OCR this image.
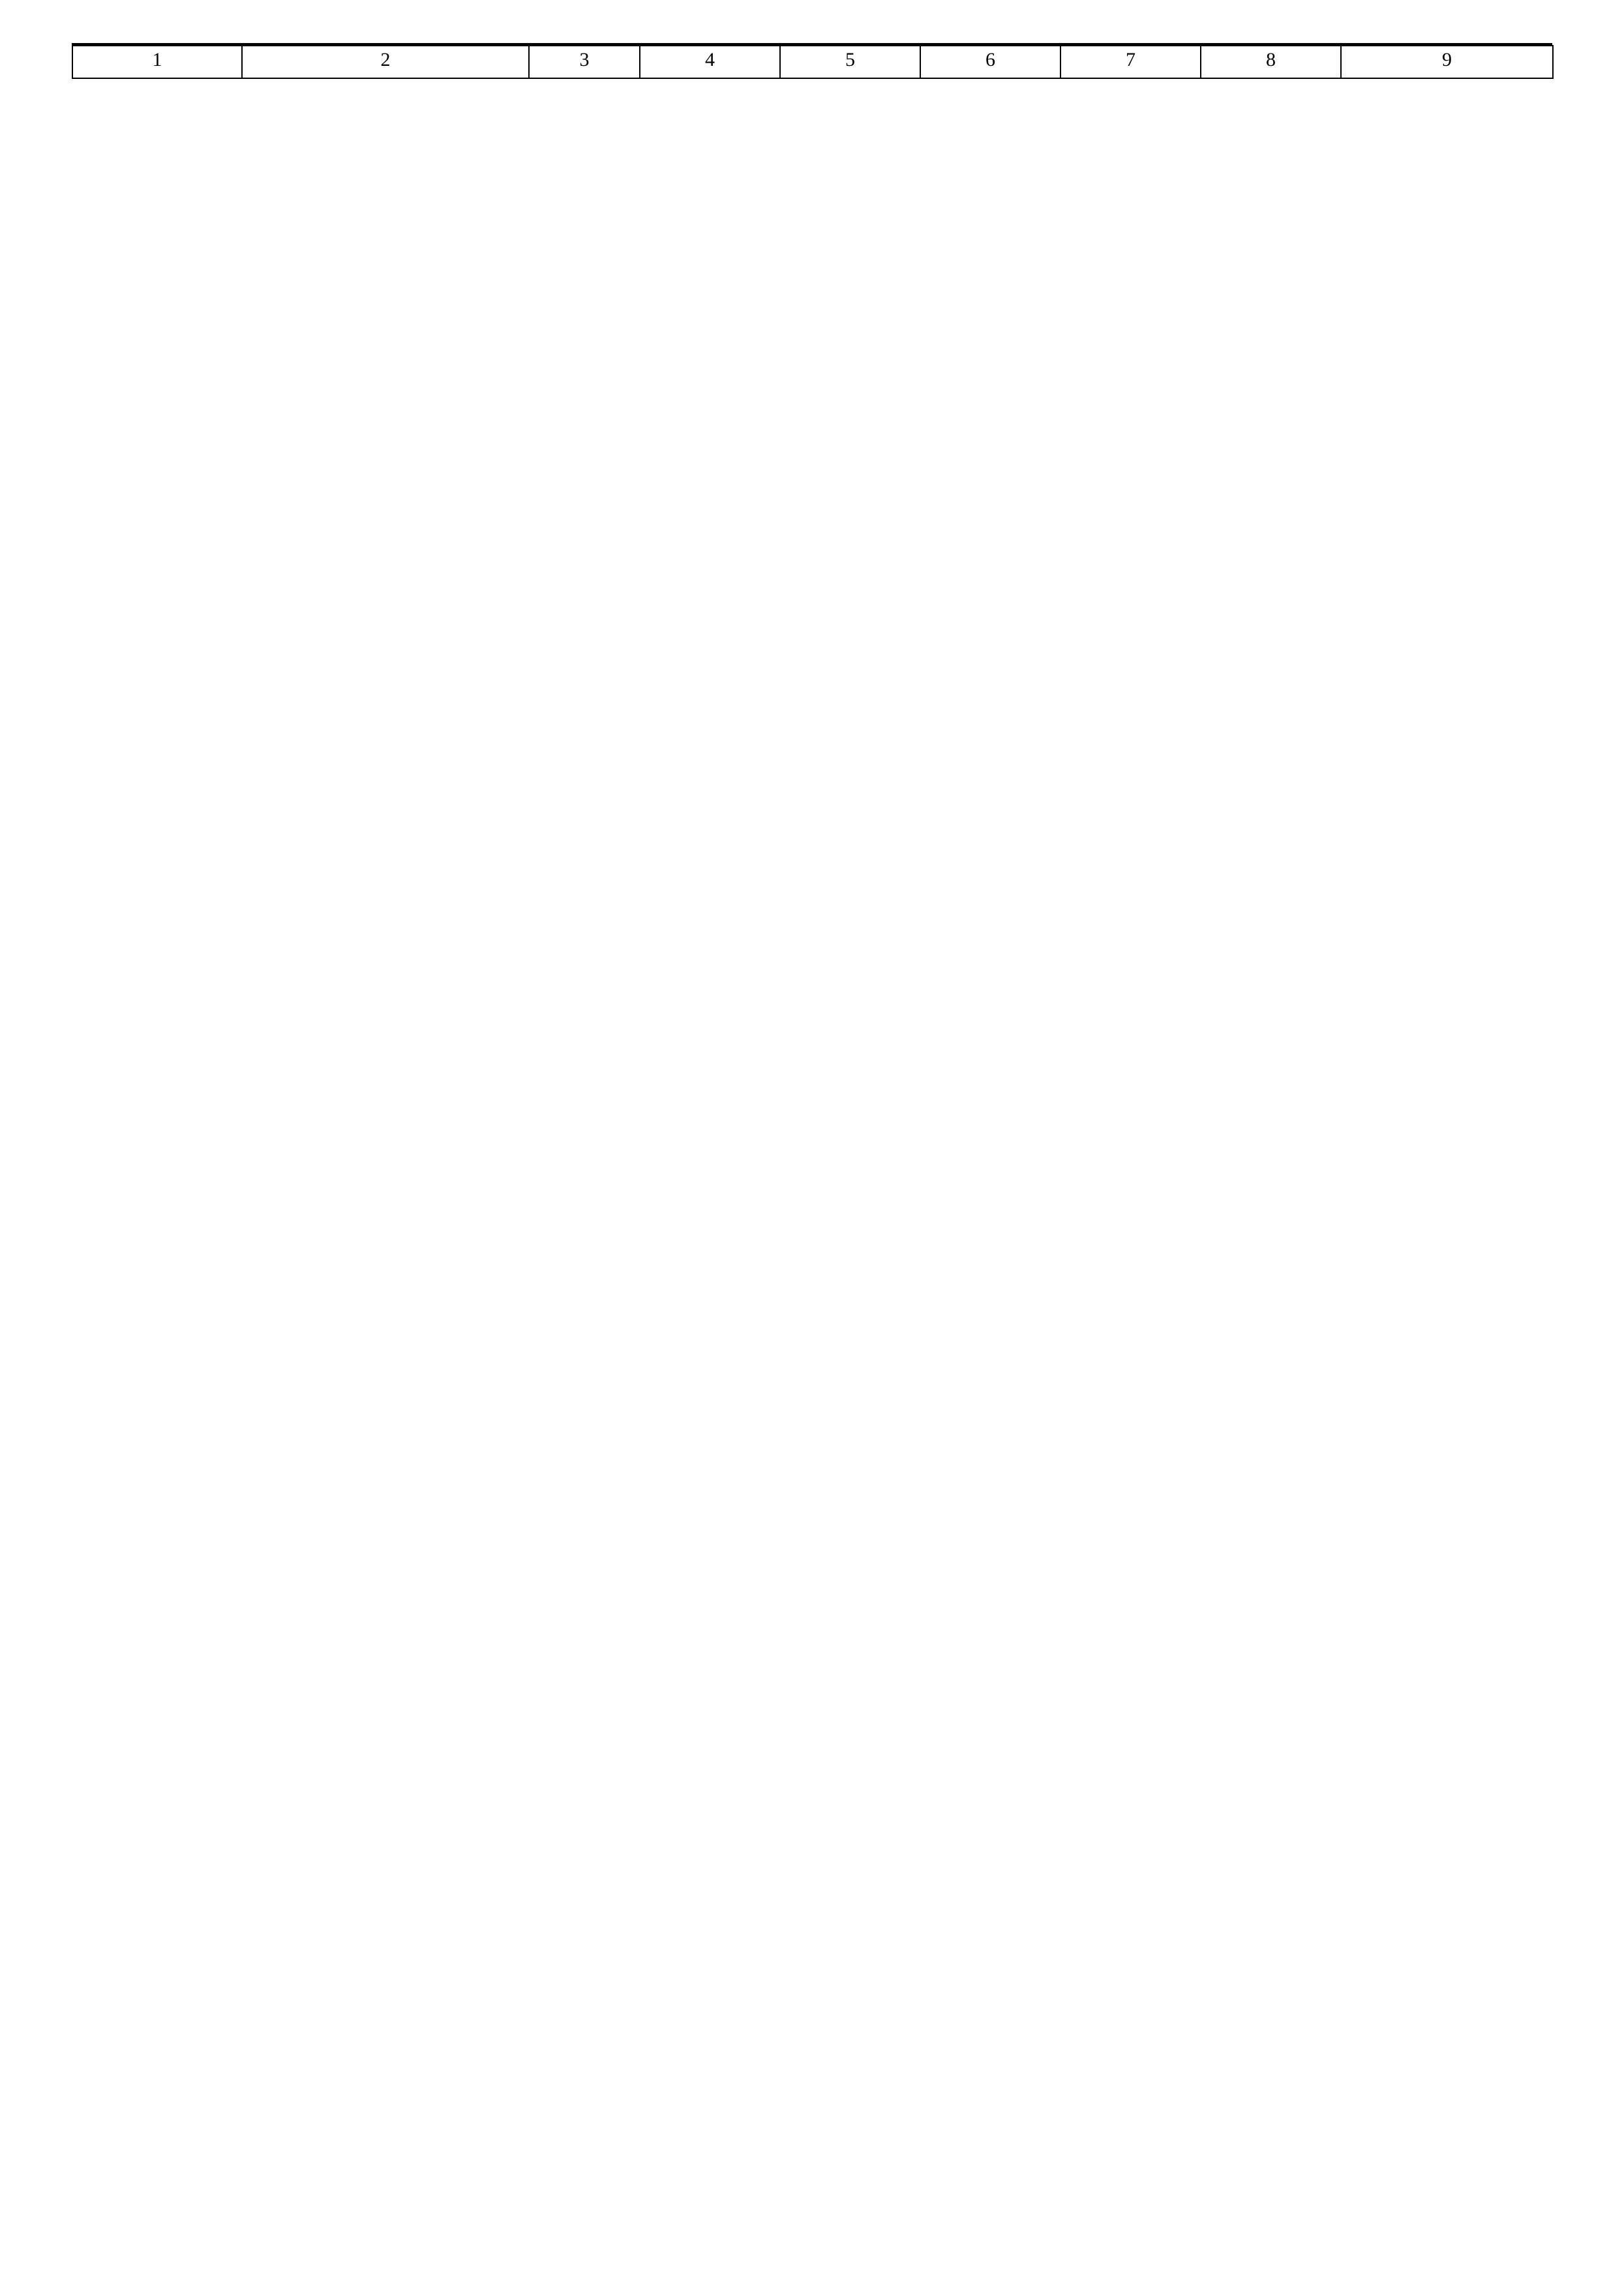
1	2	3	4	5	6	7	8	9
